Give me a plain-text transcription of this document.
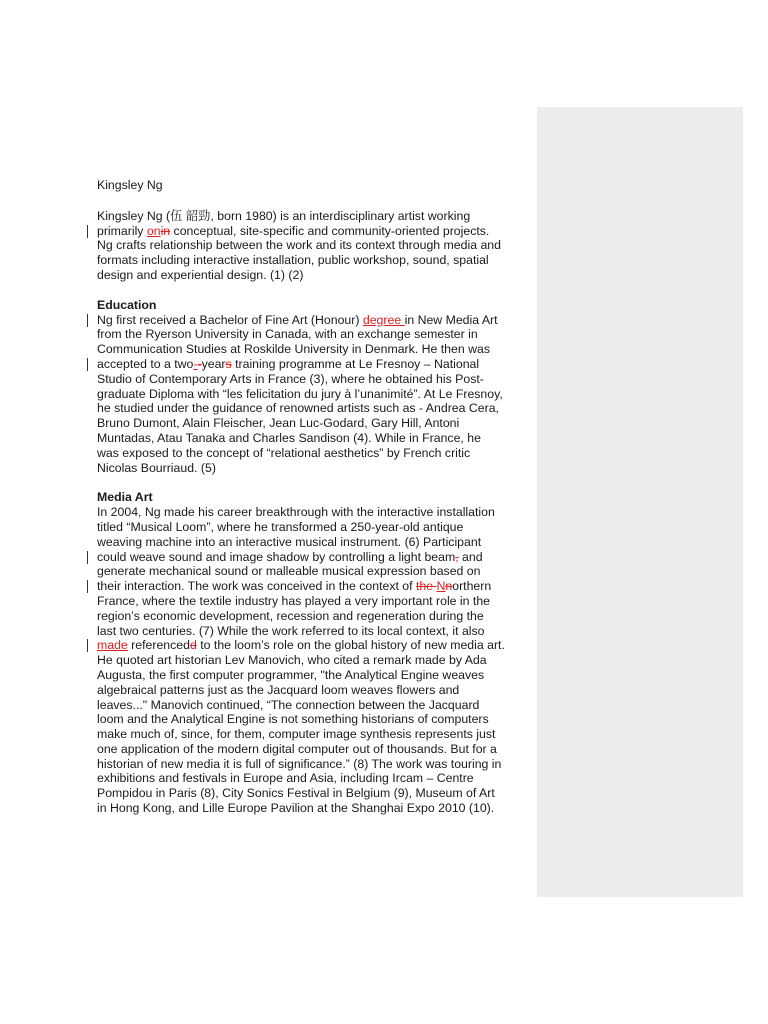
Kingsley Ng

Kingsley Ng (伍 韶勁, born 1980) is an interdisciplinary artist working
primarily onin conceptual, site-specific and community-oriented projects.
Ng crafts relationship between the work and its context through media and
formats including interactive installation, public workshop, sound, spatial
design and experiential design. (1) (2)

Education

Ng first received a Bachelor of Fine Art (Honour) degree in New Media Art
from the Ryerson University in Canada, with an exchange semester in
Communication Studies at Roskilde University in Denmark. He then was
accepted to a two--years training programme at Le Fresnoy – National
Studio of Contemporary Arts in France (3), where he obtained his Post-
graduate Diploma with “les felicitation du jury à l’unanimité”. At Le Fresnoy,
he studied under the guidance of renowned artists such as - Andrea Cera,
Bruno Dumont, Alain Fleischer, Jean Luc-Godard, Gary Hill, Antoni
Muntadas, Atau Tanaka and Charles Sandison (4). While in France, he
was exposed to the concept of “relational aesthetics” by French critic
Nicolas Bourriaud. (5)

Media Art

In 2004, Ng made his career breakthrough with the interactive installation
titled “Musical Loom”, where he transformed a 250-year-old antique
weaving machine into an interactive musical instrument. (6) Participant
could weave sound and image shadow by controlling a light beam, and
generate mechanical sound or malleable musical expression based on
their interaction. The work was conceived in the context of the Nnorthern
France, where the textile industry has played a very important role in the
region’s economic development, recession and regeneration during the
last two centuries. (7) While the work referred to its local context, it also
made referencedd to the loom’s role on the global history of new media art.
He quoted art historian Lev Manovich, who cited a remark made by Ada
Augusta, the first computer programmer, "the Analytical Engine weaves
algebraical patterns just as the Jacquard loom weaves flowers and
leaves..." Manovich continued, “The connection between the Jacquard
loom and the Analytical Engine is not something historians of computers
make much of, since, for them, computer image synthesis represents just
one application of the modern digital computer out of thousands. But for a
historian of new media it is full of significance.” (8) The work was touring in
exhibitions and festivals in Europe and Asia, including Ircam – Centre
Pompidou in Paris (8), City Sonics Festival in Belgium (9), Museum of Art
in Hong Kong, and Lille Europe Pavilion at the Shanghai Expo 2010 (10).
